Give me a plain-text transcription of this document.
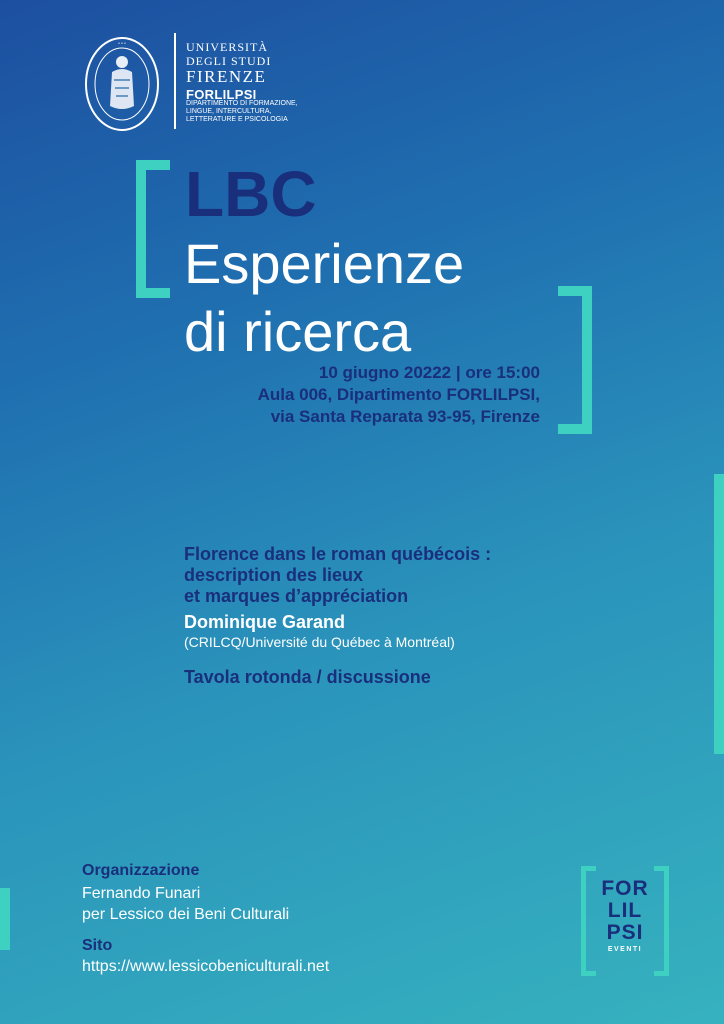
• • •	UNIVERSITÀ
DEGLI STUDI
FIRENZE
FORLILPSI
DIPARTIMENTO DI FORMAZIONE,
LINGUE, INTERCULTURA,
LETTERATURE E PSICOLOGIA
LBC
Esperienze
di ricerca
10 giugno 20222 | ore 15:00
Aula 006, Dipartimento FORLILPSI,
via Santa Reparata 93-95, Firenze
Florence dans le roman québécois :
description des lieux
et marques d’appréciation
Dominique Garand
(CRILCQ/Université du Québec à Montréal)
Tavola rotonda / discussione
Organizzazione
Fernando Funari
per Lessico dei Beni Culturali
Sito
https://www.lessicobeniculturali.net
FOR
LIL
PSI
EVENTI
